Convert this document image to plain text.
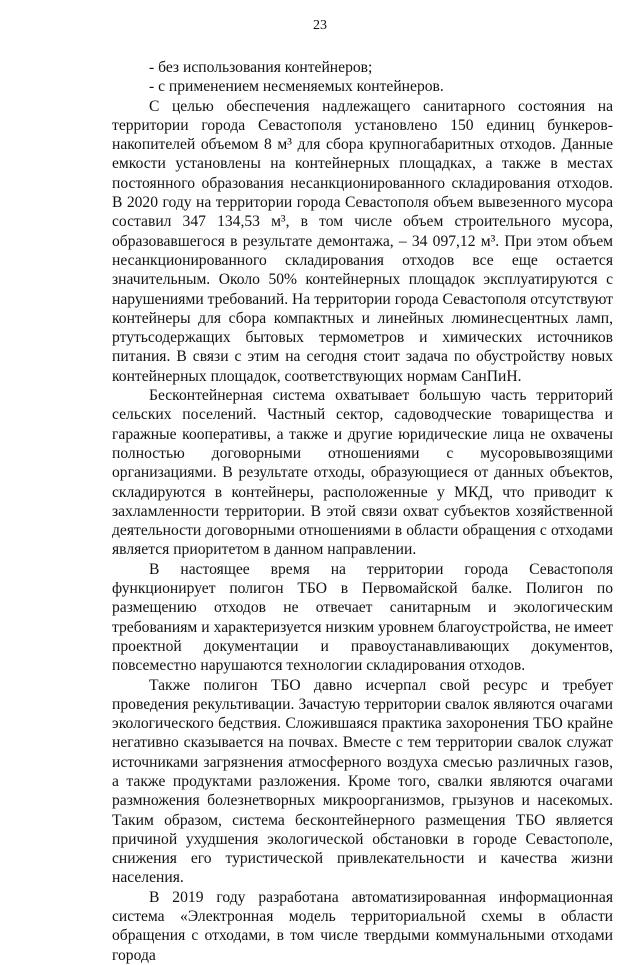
23

- без использования контейнеров;

- с применением несменяемых контейнеров.

С целью обеспечения надлежащего санитарного состояния на территории города Севастополя установлено 150 единиц бункеров-накопителей объемом 8 м³ для сбора крупногабаритных отходов. Данные емкости установлены на контейнерных площадках, а также в местах постоянного образования несанкционированного складирования отходов. В 2020 году на территории города Севастополя объем вывезенного мусора составил 347 134,53 м³, в том числе объем строительного мусора, образовавшегося в результате демонтажа, – 34 097,12 м³. При этом объем несанкционированного складирования отходов все еще остается значительным. Около 50% контейнерных площадок эксплуатируются с нарушениями требований. На территории города Севастополя отсутствуют контейнеры для сбора компактных и линейных люминесцентных ламп, ртутьсодержащих бытовых термометров и химических источников питания. В связи с этим на сегодня стоит задача по обустройству новых контейнерных площадок, соответствующих нормам СанПиН.

Бесконтейнерная система охватывает большую часть территорий сельских поселений. Частный сектор, садоводческие товарищества и гаражные кооперативы, а также и другие юридические лица не охвачены полностью договорными отношениями с мусоровывозящими организациями. В результате отходы, образующиеся от данных объектов, складируются в контейнеры, расположенные у МКД, что приводит к захламленности территории. В этой связи охват субъектов хозяйственной деятельности договорными отношениями в области обращения с отходами является приоритетом в данном направлении.

В настоящее время на территории города Севастополя функционирует полигон ТБО в Первомайской балке. Полигон по размещению отходов не отвечает санитарным и экологическим требованиям и характеризуется низким уровнем благоустройства, не имеет проектной документации и правоустанавливающих документов, повсеместно нарушаются технологии складирования отходов.

Также полигон ТБО давно исчерпал свой ресурс и требует проведения рекультивации. Зачастую территории свалок являются очагами экологического бедствия. Сложившаяся практика захоронения ТБО крайне негативно сказывается на почвах. Вместе с тем территории свалок служат источниками загрязнения атмосферного воздуха смесью различных газов, а также продуктами разложения. Кроме того, свалки являются очагами размножения болезнетворных микроорганизмов, грызунов и насекомых. Таким образом, система бесконтейнерного размещения ТБО является причиной ухудшения экологической обстановки в городе Севастополе, снижения его туристической привлекательности и качества жизни населения.

В 2019 году разработана автоматизированная информационная система «Электронная модель территориальной схемы в области обращения с отходами, в том числе твердыми коммунальными отходами города
